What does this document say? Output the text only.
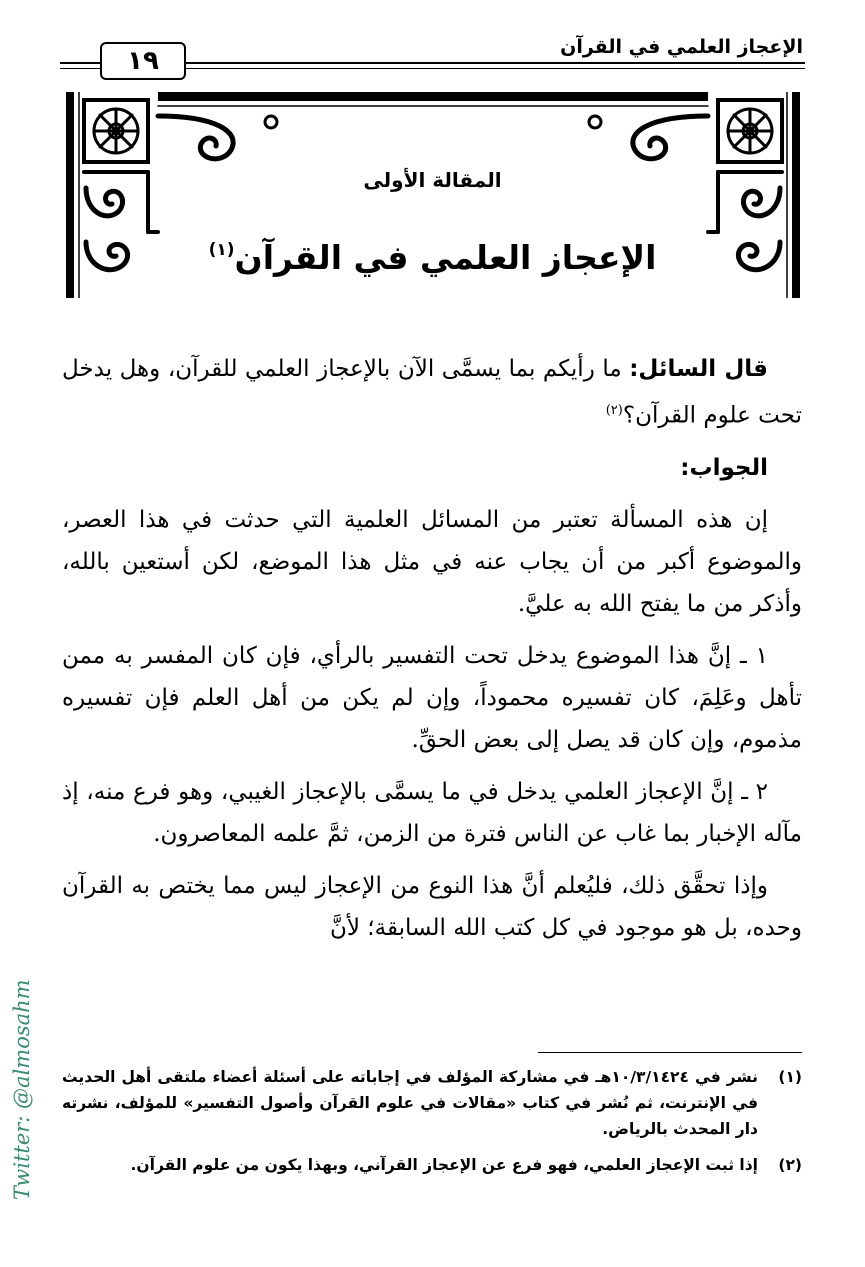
الإعجاز العلمي في القرآن
١٩
المقالة الأولى
الإعجاز العلمي في القرآن$^{(١)}$

قال السائل: ما رأيكم بما يسمَّى الآن بالإعجاز العلمي للقرآن، وهل يدخل تحت علوم القرآن؟$^{(٢)}$

الجواب:

إن هذه المسألة تعتبر من المسائل العلمية التي حدثت في هذا العصر، والموضوع أكبر من أن يجاب عنه في مثل هذا الموضع، لكن أستعين بالله، وأذكر من ما يفتح الله به عليَّ.

١ ـ إنَّ هذا الموضوع يدخل تحت التفسير بالرأي، فإن كان المفسر به ممن تأهل وعَلِمَ، كان تفسيره محموداً، وإن لم يكن من أهل العلم فإن تفسيره مذموم، وإن كان قد يصل إلى بعض الحقِّ.

٢ ـ إنَّ الإعجاز العلمي يدخل في ما يسمَّى بالإعجاز الغيبي، وهو فرع منه، إذ مآله الإخبار بما غاب عن الناس فترة من الزمن، ثمَّ علمه المعاصرون.

وإذا تحقَّق ذلك، فليُعلم أنَّ هذا النوع من الإعجاز ليس مما يختص به القرآن وحده، بل هو موجود في كل كتب الله السابقة؛ لأنَّ

(١)
نشر في ١٠/٣/١٤٢٤هـ في مشاركة المؤلف في إجاباته على أسئلة أعضاء ملتقى أهل الحديث في الإنترنت، ثم نُشر في كتاب «مقالات في علوم القرآن وأصول التفسير» للمؤلف، نشرته دار المحدث بالرياض.
(٢)
إذا ثبت الإعجاز العلمي، فهو فرع عن الإعجاز القرآني، وبهذا يكون من علوم القرآن.
Twitter: @almosahm
